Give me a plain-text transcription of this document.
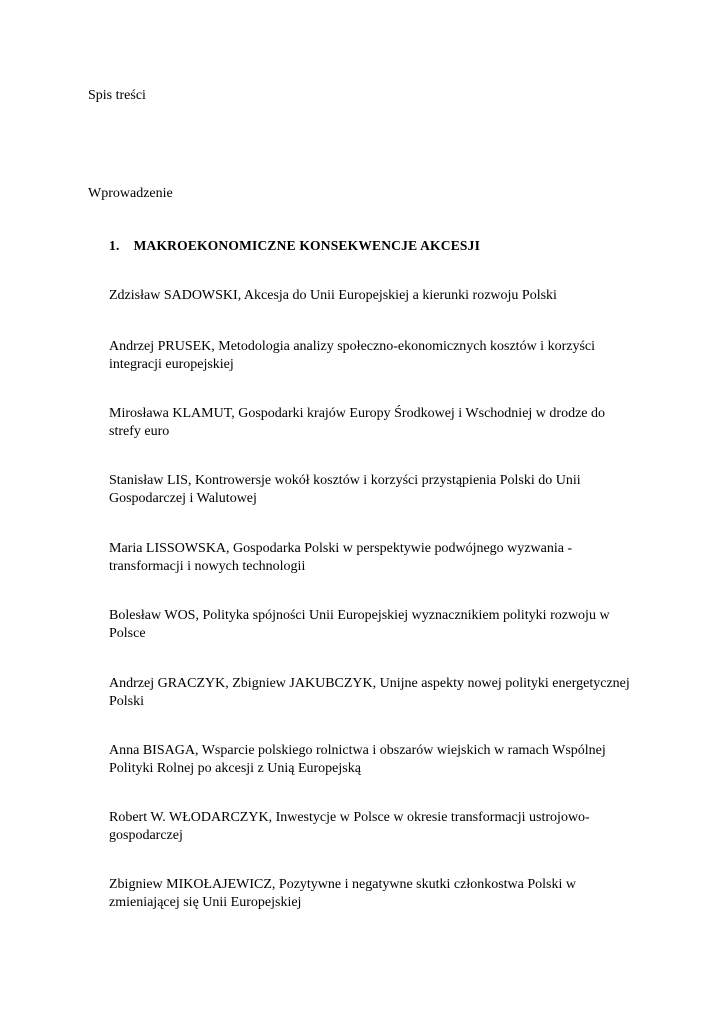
Spis treści

Wprowadzenie

1. MAKROEKONOMICZNE KONSEKWENCJE AKCESJI

Zdzisław SADOWSKI, Akcesja do Unii Europejskiej a kierunki rozwoju Polski

Andrzej PRUSEK, Metodologia analizy społeczno-ekonomicznych kosztów i korzyści integracji europejskiej

Mirosława KLAMUT, Gospodarki krajów Europy Środkowej i Wschodniej w drodze do strefy euro

Stanisław LIS, Kontrowersje wokół kosztów i korzyści przystąpienia Polski do Unii Gospodarczej i Walutowej

Maria LISSOWSKA, Gospodarka Polski w perspektywie podwójnego wyzwania - transformacji i nowych technologii

Bolesław WOS, Polityka spójności Unii Europejskiej wyznacznikiem polityki rozwoju w Polsce

Andrzej GRACZYK, Zbigniew JAKUBCZYK, Unijne aspekty nowej polityki energetycznej Polski

Anna BISAGA, Wsparcie polskiego rolnictwa i obszarów wiejskich w ramach Wspólnej Polityki Rolnej po akcesji z Unią Europejską

Robert W. WŁODARCZYK, Inwestycje w Polsce w okresie transformacji ustrojowo-gospodarczej

Zbigniew MIKOŁAJEWICZ, Pozytywne i negatywne skutki członkostwa Polski w zmieniającej się Unii Europejskiej
